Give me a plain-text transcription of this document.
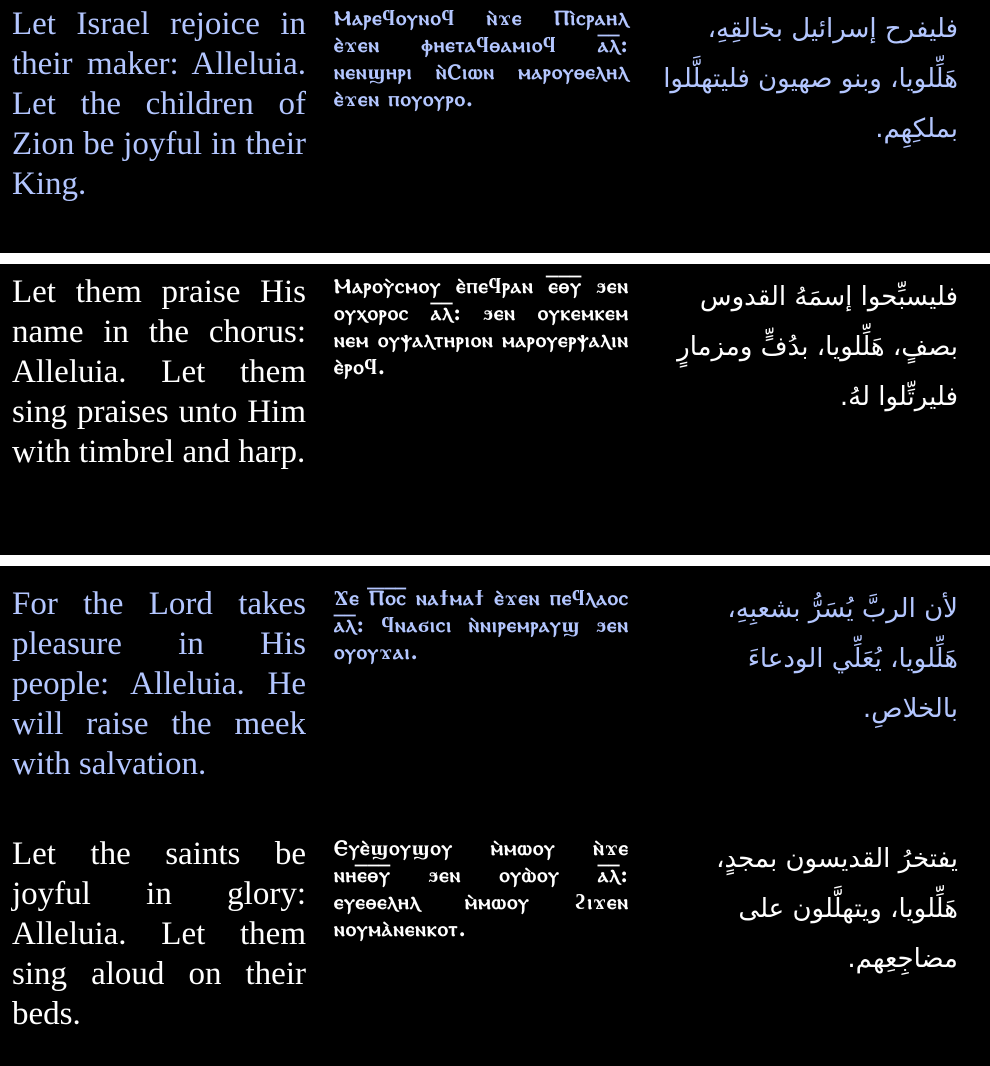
Let Israel rejoice in their maker: Alleluia. Let the children of Zion be joyful in their King.
Ⲙⲁⲣⲉϥⲟⲩⲛⲟϥ ⲛ̀ϫⲉ Ⲡⲓ̀ⲥⲣⲁⲏⲗ ⲉ̀ϫⲉⲛ ⲫⲏⲉⲧⲁϥⲑⲁⲙⲓⲟϥ ⲁ̅ⲗ̅: ⲛⲉⲛϣⲏⲣⲓ ⲛ̀Ⲥⲓⲱⲛ ⲙⲁⲣⲟⲩⲑⲉⲗⲏⲗ ⲉ̀ϫⲉⲛ ⲡⲟⲩⲟⲩⲣⲟ.
فليفرح إسرائيل بخالقِهِ، هَلِّلويا، وبنو صهيون فليتهلَّلوا بملكِهِم.
Let them praise His name in the chorus: Alleluia. Let them sing praises unto Him with timbrel and harp.
Ⲙⲁⲣⲟⲩ̀ⲥⲙⲟⲩ ⲉ̀ⲡⲉϥⲣⲁⲛ ⲉ̅ⲑ̅ⲩ̅ ϧⲉⲛ ⲟⲩⲭⲟⲣⲟⲥ ⲁ̅ⲗ̅: ϧⲉⲛ ⲟⲩⲕⲉⲙⲕⲉⲙ ⲛⲉⲙ ⲟⲩⲯⲁⲗⲧⲏⲣⲓⲟⲛ ⲙⲁⲣⲟⲩⲉⲣⲯⲁⲗⲓⲛ ⲉ̀ⲣⲟϥ.
فليسبِّحوا إسمَهُ القدوس بصفٍ، هَلِّلويا، بدُفٍّ ومزمارٍ فليرتِّلوا لهُ.
For the Lord takes pleasure in His people: Alleluia. He will raise the meek with salvation.
Ϫⲉ Ⲡ̅ⲟ̅ⲥ̅ ⲛⲁϯⲙⲁϯ ⲉ̀ϫⲉⲛ ⲡⲉϥⲗⲁⲟⲥ ⲁ̅ⲗ̅: ϥⲛⲁϭⲓⲥⲓ ⲛ̀ⲛⲓⲣⲉⲙⲣⲁⲩϣ ϧⲉⲛ ⲟⲩⲟⲩϫⲁⲓ.
لأن الربَّ يُسَرُّ بشعبِهِ، هَلِّلويا، يُعَلِّي الودعاءَ بالخلاصِ.
Let the saints be joyful in glory: Alleluia. Let them sing aloud on their beds.
Ⲉⲩⲉ̀ϣⲟⲩϣⲟⲩ ⲙ̀ⲙⲱⲟⲩ ⲛ̀ϫⲉ ⲛⲏⲉ̅ⲑ̅ⲩ̅ ϧⲉⲛ ⲟⲩⲱ̀ⲟⲩ ⲁ̅ⲗ̅: ⲉⲩⲉⲑⲉⲗⲏⲗ ⲙ̀ⲙⲱⲟⲩ ϩⲓϫⲉⲛ ⲛⲟⲩⲙⲁ̀ⲛⲉⲛⲕⲟⲧ.
يفتخرُ القديسون بمجدٍ، هَلِّلويا، ويتهلَّلون على مضاجِعِهم.
